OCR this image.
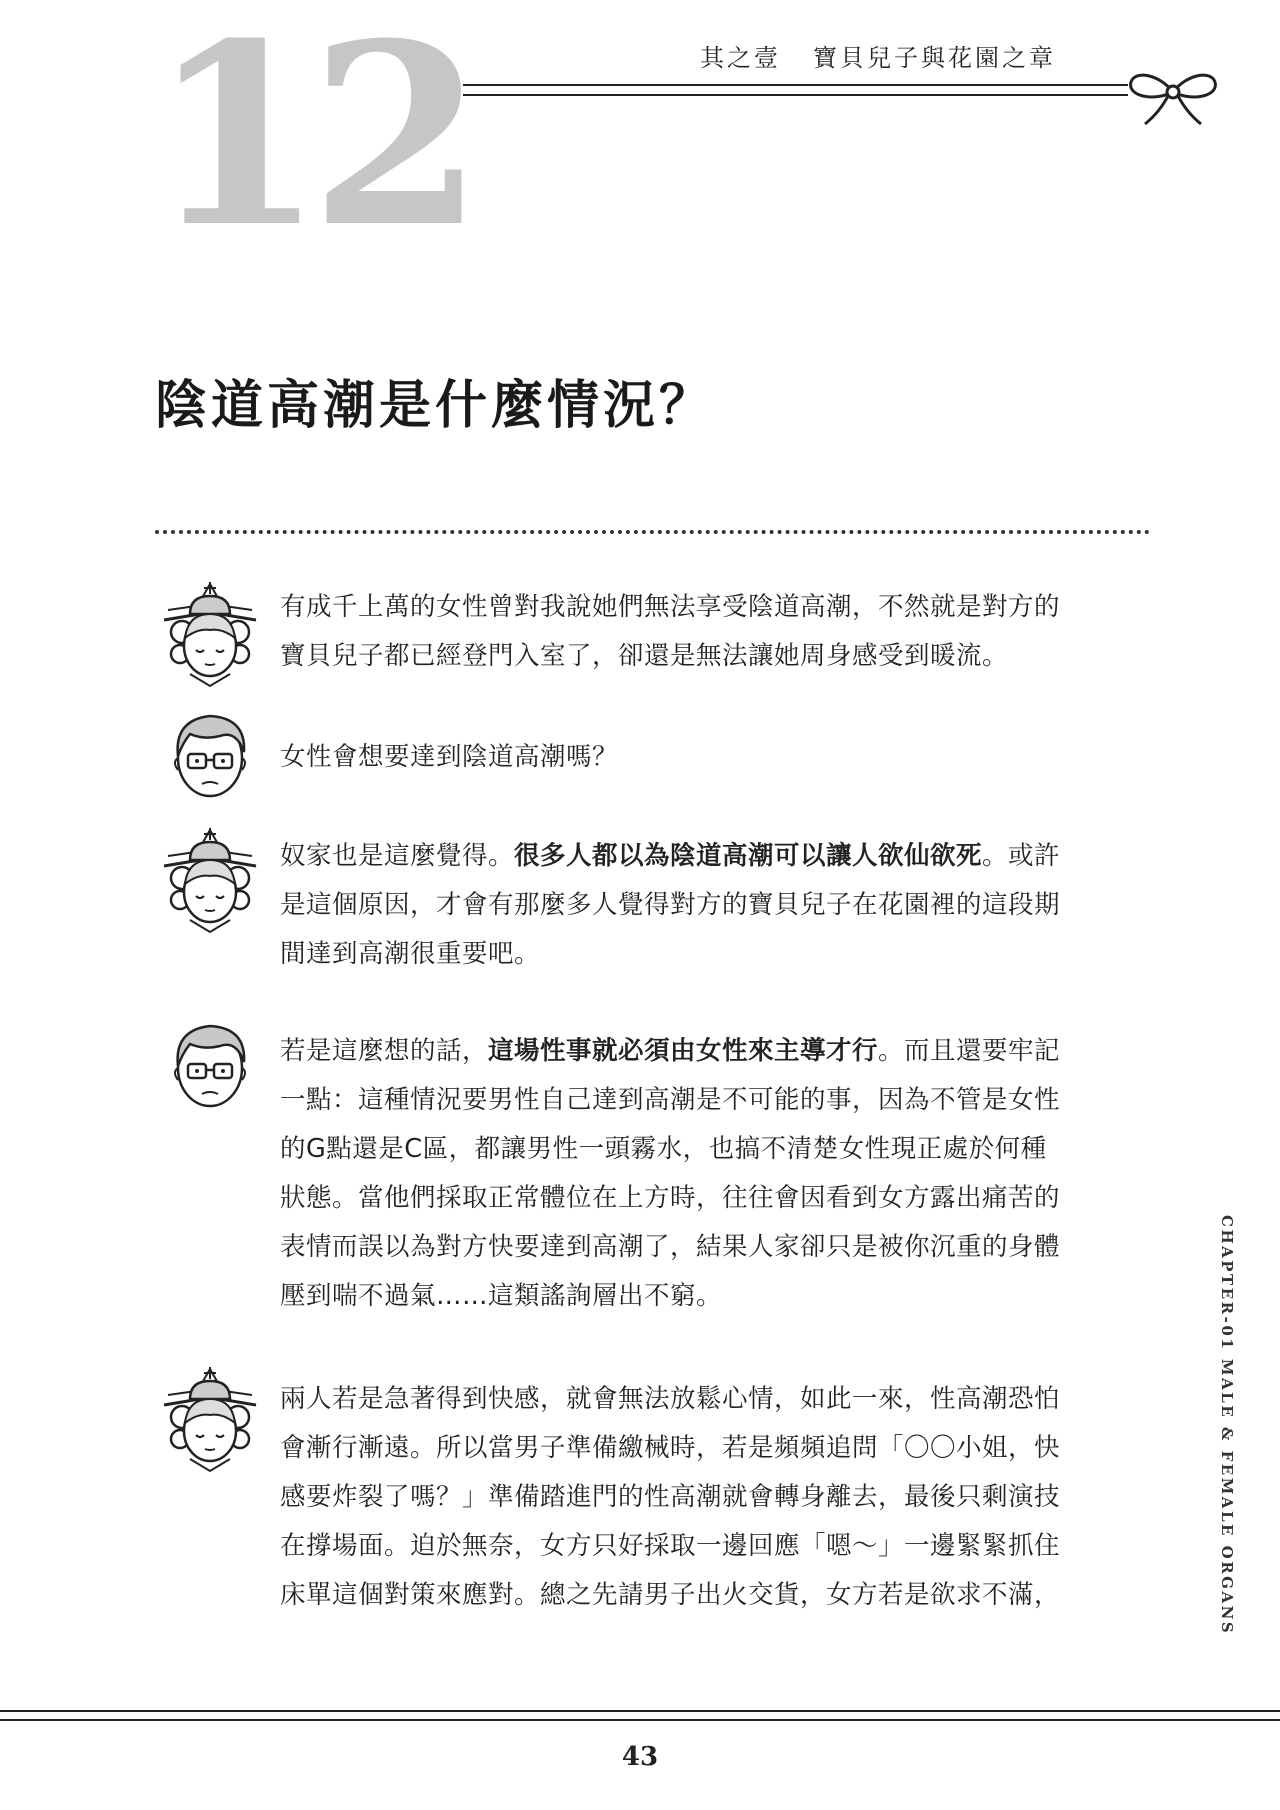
12	其之壹 寶貝兒子與花園之章
陰道高潮是什麼情況？
有成千上萬的女性曾對我說她們無法享受陰道高潮，不然就是對方的
寶貝兒子都已經登門入室了，卻還是無法讓她周身感受到暖流。
女性會想要達到陰道高潮嗎？
奴家也是這麼覺得。很多人都以為陰道高潮可以讓人欲仙欲死。或許
是這個原因，才會有那麼多人覺得對方的寶貝兒子在花園裡的這段期
間達到高潮很重要吧。
若是這麼想的話，這場性事就必須由女性來主導才行。而且還要牢記
一點：這種情況要男性自己達到高潮是不可能的事，因為不管是女性
的G點還是C區，都讓男性一頭霧水，也搞不清楚女性現正處於何種
狀態。當他們採取正常體位在上方時，往往會因看到女方露出痛苦的
表情而誤以為對方快要達到高潮了，結果人家卻只是被你沉重的身體
壓到喘不過氣……這類謠詢層出不窮。
兩人若是急著得到快感，就會無法放鬆心情，如此一來，性高潮恐怕
會漸行漸遠。所以當男子準備繳械時，若是頻頻追問「〇〇小姐，快
感要炸裂了嗎？」準備踏進門的性高潮就會轉身離去，最後只剩演技
在撐場面。迫於無奈，女方只好採取一邊回應「嗯～」一邊緊緊抓住
床單這個對策來應對。總之先請男子出火交貨，女方若是欲求不滿，	CHAPTER-01 MALE & FEMALE ORGANS
43
